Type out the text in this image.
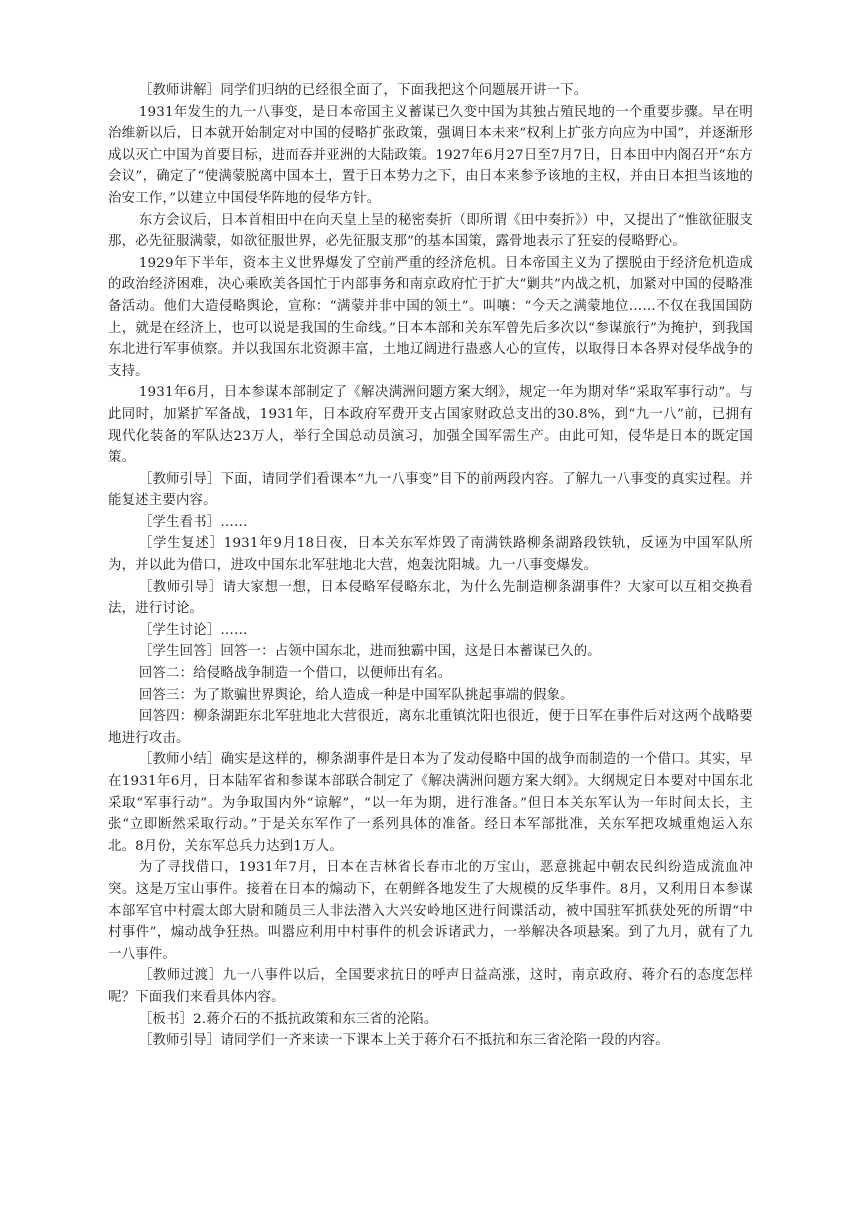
［教师讲解］同学们归纳的已经很全面了，下面我把这个问题展开讲一下。

1931年发生的九一八事变，是日本帝国主义蓄谋已久变中国为其独占殖民地的一个重要步骤。早在明治维新以后，日本就开始制定对中国的侵略扩张政策，强调日本未来“权利上扩张方向应为中国”，并逐渐形成以灭亡中国为首要目标，进而吞并亚洲的大陆政策。1927年6月27日至7月7日，日本田中内阁召开“东方会议”，确定了“使满蒙脱离中国本土，置于日本势力之下，由日本来参予该地的主权，并由日本担当该地的治安工作，”以建立中国侵华阵地的侵华方针。

东方会议后，日本首相田中在向天皇上呈的秘密奏折（即所谓《田中奏折》）中，又提出了“惟欲征服支那，必先征服满蒙，如欲征服世界，必先征服支那”的基本国策，露骨地表示了狂妄的侵略野心。

1929年下半年，资本主义世界爆发了空前严重的经济危机。日本帝国主义为了摆脱由于经济危机造成的政治经济困难，决心乘欧美各国忙于内部事务和南京政府忙于扩大“剿共”内战之机，加紧对中国的侵略准备活动。他们大造侵略舆论，宣称：“满蒙并非中国的领土”。叫嚷：“今天之满蒙地位……不仅在我国国防上，就是在经济上，也可以说是我国的生命线。”日本本部和关东军曾先后多次以“参谋旅行”为掩护，到我国东北进行军事侦察。并以我国东北资源丰富，土地辽阔进行蛊惑人心的宣传，以取得日本各界对侵华战争的支持。

1931年6月，日本参谋本部制定了《解决满洲问题方案大纲》，规定一年为期对华“采取军事行动”。与此同时，加紧扩军备战，1931年，日本政府军费开支占国家财政总支出的30.8%，到“九一八”前，已拥有现代化装备的军队达23万人，举行全国总动员演习，加强全国军需生产。由此可知，侵华是日本的既定国策。

［教师引导］下面，请同学们看课本“九一八事变”目下的前两段内容。了解九一八事变的真实过程。并能复述主要内容。

［学生看书］……

［学生复述］1931年9月18日夜，日本关东军炸毁了南满铁路柳条湖路段铁轨，反诬为中国军队所为，并以此为借口，进攻中国东北军驻地北大营，炮轰沈阳城。九一八事变爆发。

［教师引导］请大家想一想，日本侵略军侵略东北，为什么先制造柳条湖事件？大家可以互相交换看法，进行讨论。

［学生讨论］……

［学生回答］回答一：占领中国东北，进而独霸中国，这是日本蓄谋已久的。

回答二：给侵略战争制造一个借口，以便师出有名。

回答三：为了欺骗世界舆论，给人造成一种是中国军队挑起事端的假象。

回答四：柳条湖距东北军驻地北大营很近，离东北重镇沈阳也很近，便于日军在事件后对这两个战略要地进行攻击。

［教师小结］确实是这样的，柳条湖事件是日本为了发动侵略中国的战争而制造的一个借口。其实，早在1931年6月，日本陆军省和参谋本部联合制定了《解决满洲问题方案大纲》。大纲规定日本要对中国东北采取“军事行动”。为争取国内外“谅解”，“以一年为期，进行准备。”但日本关东军认为一年时间太长，主张“立即断然采取行动。”于是关东军作了一系列具体的准备。经日本军部批准，关东军把攻城重炮运入东北。8月份，关东军总兵力达到1万人。

为了寻找借口，1931年7月，日本在吉林省长春市北的万宝山，恶意挑起中朝农民纠纷造成流血冲突。这是万宝山事件。接着在日本的煽动下，在朝鲜各地发生了大规模的反华事件。8月，又利用日本参谋本部军官中村震太郎大尉和随员三人非法潜入大兴安岭地区进行间谍活动，被中国驻军抓获处死的所谓“中村事件”，煽动战争狂热。叫嚣应利用中村事件的机会诉诸武力，一举解决各项悬案。到了九月，就有了九一八事件。

［教师过渡］九一八事件以后，全国要求抗日的呼声日益高涨，这时，南京政府、蒋介石的态度怎样呢？下面我们来看具体内容。

［板书］2.蒋介石的不抵抗政策和东三省的沦陷。

［教师引导］请同学们一齐来读一下课本上关于蒋介石不抵抗和东三省沦陷一段的内容。
